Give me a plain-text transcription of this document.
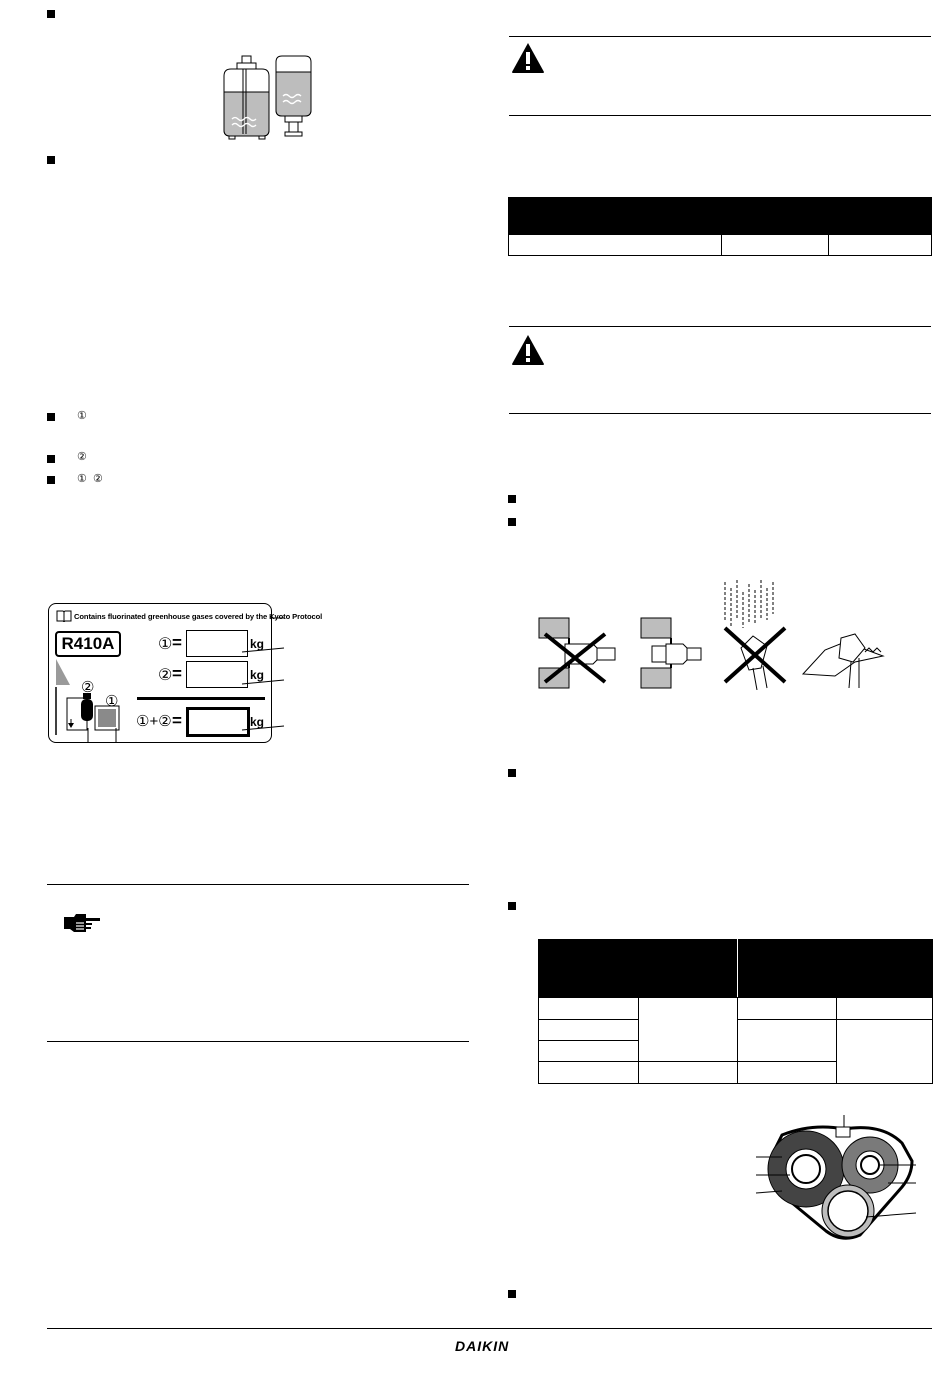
①
②
①  ②
Contains fluorinated greenhouse gases covered by the Kyoto Protocol
R410A	① =	kg
② =	kg
①+② =	kg
②
①

DAIKIN
